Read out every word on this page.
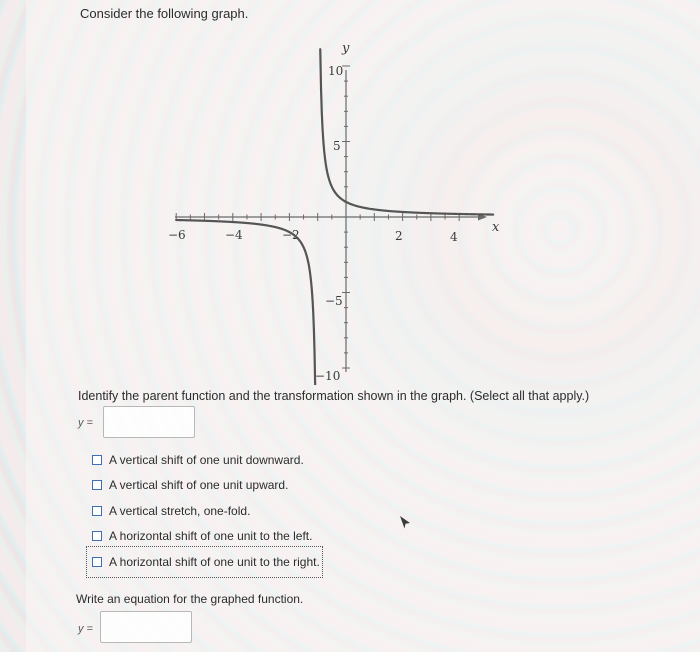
Consider the following graph.
x
y
−6	−4	−2	2	4
10
5
−5
−10
Identify the parent function and the transformation shown in the graph. (Select all that apply.)
y =
A vertical shift of one unit downward.
A vertical shift of one unit upward.
A vertical stretch, one-fold.
A horizontal shift of one unit to the left.
A horizontal shift of one unit to the right.
Write an equation for the graphed function.
y =
